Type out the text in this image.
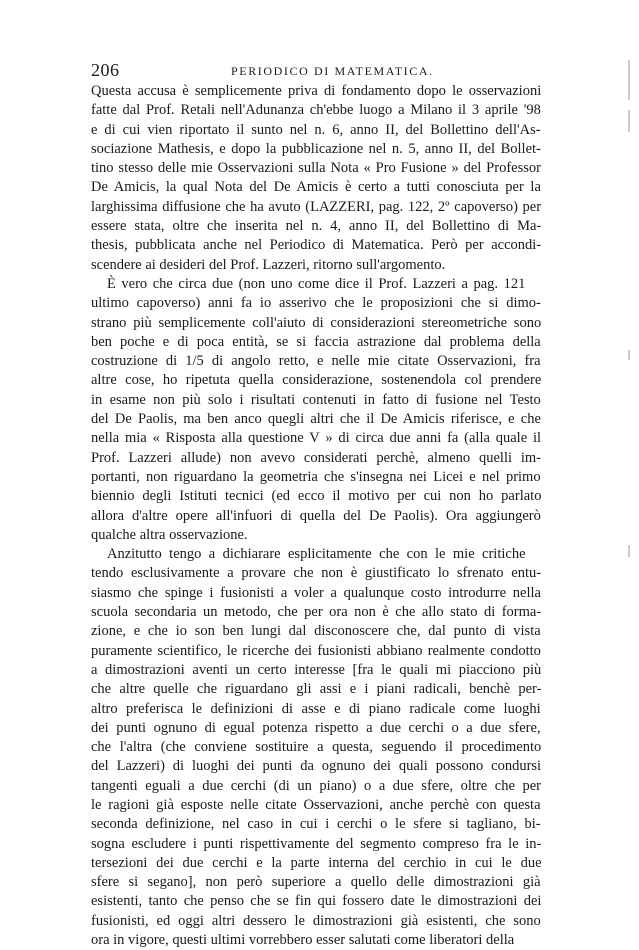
206	PERIODICO DI MATEMATICA.
Questa accusa è semplicemente priva di fondamento dopo le osservazioni
fatte dal Prof. Retali nell'Adunanza ch'ebbe luogo a Milano il 3 aprile '98
e di cui vien riportato il sunto nel n. 6, anno II, del Bollettino dell'As-
sociazione Mathesis, e dopo la pubblicazione nel n. 5, anno II, del Bollet-
tino stesso delle mie Osservazioni sulla Nota « Pro Fusione » del Professor
De Amicis, la qual Nota del De Amicis è certo a tutti conosciuta per la
larghissima diffusione che ha avuto (LAZZERI, pag. 122, 2º capoverso) per
essere stata, oltre che inserita nel n. 4, anno II, del Bollettino di Ma-
thesis, pubblicata anche nel Periodico di Matematica. Però per accondi-
scendere ai desideri del Prof. Lazzeri, ritorno sull'argomento.
È vero che circa due (non uno come dice il Prof. Lazzeri a pag. 121
ultimo capoverso) anni fa io asserivo che le proposizioni che si dimo-
strano più semplicemente coll'aiuto di considerazioni stereometriche sono
ben poche e di poca entità, se si faccia astrazione dal problema della
costruzione di 1/5 di angolo retto, e nelle mie citate Osservazioni, fra
altre cose, ho ripetuta quella considerazione, sostenendola col prendere
in esame non più solo i risultati contenuti in fatto di fusione nel Testo
del De Paolis, ma ben anco quegli altri che il De Amicis riferisce, e che
nella mia « Risposta alla questione V » di circa due anni fa (alla quale il
Prof. Lazzeri allude) non avevo considerati perchè, almeno quelli im-
portanti, non riguardano la geometria che s'insegna nei Licei e nel primo
biennio degli Istituti tecnici (ed ecco il motivo per cui non ho parlato
allora d'altre opere all'infuori di quella del De Paolis). Ora aggiungerò
qualche altra osservazione.
Anzitutto tengo a dichiarare esplicitamente che con le mie critiche
tendo esclusivamente a provare che non è giustificato lo sfrenato entu-
siasmo che spinge i fusionisti a voler a qualunque costo introdurre nella
scuola secondaria un metodo, che per ora non è che allo stato di forma-
zione, e che io son ben lungi dal disconoscere che, dal punto di vista
puramente scientifico, le ricerche dei fusionisti abbiano realmente condotto
a dimostrazioni aventi un certo interesse [fra le quali mi piacciono più
che altre quelle che riguardano gli assi e i piani radicali, benchè per-
altro preferisca le definizioni di asse e di piano radicale come luoghi
dei punti ognuno di egual potenza rispetto a due cerchi o a due sfere,
che l'altra (che conviene sostituire a questa, seguendo il procedimento
del Lazzeri) di luoghi dei punti da ognuno dei quali possono condursi
tangenti eguali a due cerchi (di un piano) o a due sfere, oltre che per
le ragioni già esposte nelle citate Osservazioni, anche perchè con questa
seconda definizione, nel caso in cui i cerchi o le sfere si tagliano, bi-
sogna escludere i punti rispettivamente del segmento compreso fra le in-
tersezioni dei due cerchi e la parte interna del cerchio in cui le due
sfere si segano], non però superiore a quello delle dimostrazioni già
esistenti, tanto che penso che se fin qui fossero date le dimostrazioni dei
fusionisti, ed oggi altri dessero le dimostrazioni già esistenti, che sono
ora in vigore, questi ultimi vorrebbero esser salutati come liberatori della
